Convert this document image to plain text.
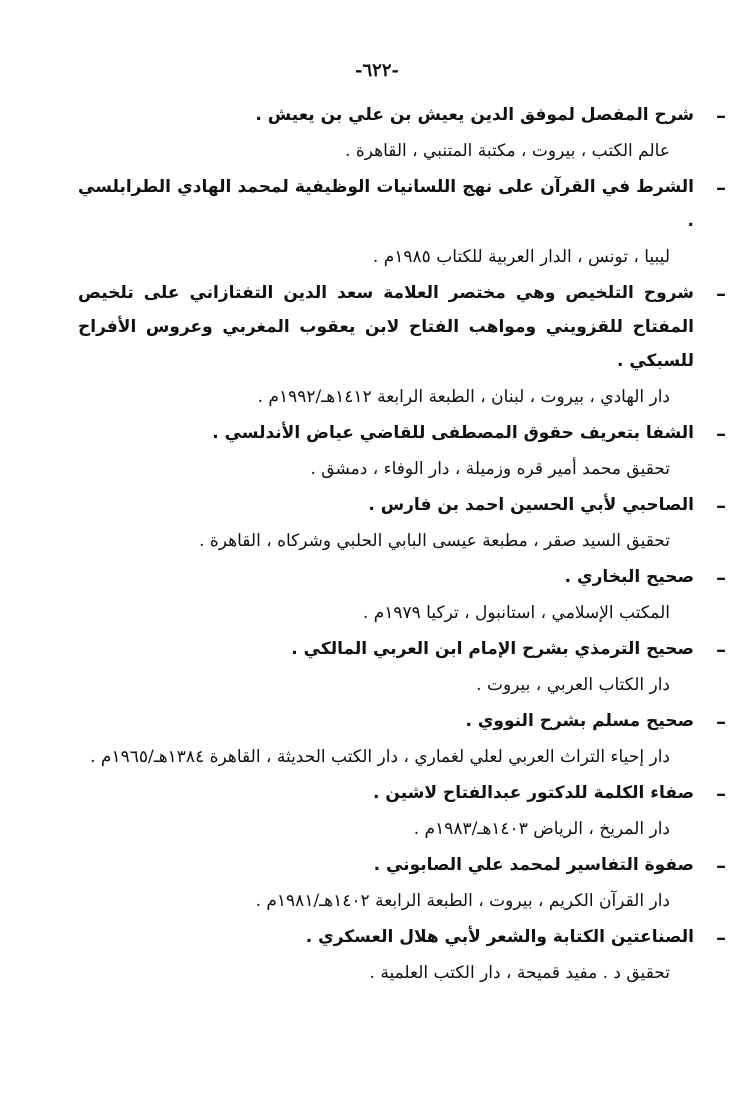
-٦٢٢-
–
شرح المفصل لموفق الدين يعيش بن علي بن يعيش .
عالم الكتب ، بيروت ، مكتبة المتنبي ، القاهرة .
–
الشرط في القرآن على نهج اللسانيات الوظيفية لمحمد الهادي الطرابلسي .
ليبيا ، تونس ، الدار العربية للكتاب ١٩٨٥م .
–
شروح التلخيص وهي مختصر العلامة سعد الدين التفتازاني على تلخيص المفتاح للقزويني ومواهب الفتاح لابن يعقوب المغربي وعروس الأفراح للسبكي .
دار الهادي ، بيروت ، لبنان ، الطبعة الرابعة ١٤١٢هـ/١٩٩٢م .
–
الشفا بتعريف حقوق المصطفى للقاضي عياض الأندلسي .
تحقيق محمد أمير قره وزميلة ، دار الوفاء ، دمشق .
–
الصاحبي لأبي الحسين احمد بن فارس .
تحقيق السيد صقر ، مطبعة عيسى البابي الحلبي وشركاه ، القاهرة .
–
صحيح البخاري .
المكتب الإسلامي ، استانبول ، تركيا ١٩٧٩م .
–
صحيح الترمذي بشرح الإمام ابن العربي المالكي .
دار الكتاب العربي ، بيروت .
–
صحيح مسلم بشرح النووي .
دار إحياء التراث العربي لعلي لغماري ، دار الكتب الحديثة ، القاهرة ١٣٨٤هـ/١٩٦٥م .
–
صفاء الكلمة للدكتور عبدالفتاح لاشين .
دار المريخ ، الرياض ١٤٠٣هـ/١٩٨٣م .
–
صفوة التفاسير لمحمد علي الصابوني .
دار القرآن الكريم ، بيروت ، الطبعة الرابعة ١٤٠٢هـ/١٩٨١م .
–
الصناعتين الكتابة والشعر لأبي هلال العسكري .
تحقيق د . مفيد قميحة ، دار الكتب العلمية .
